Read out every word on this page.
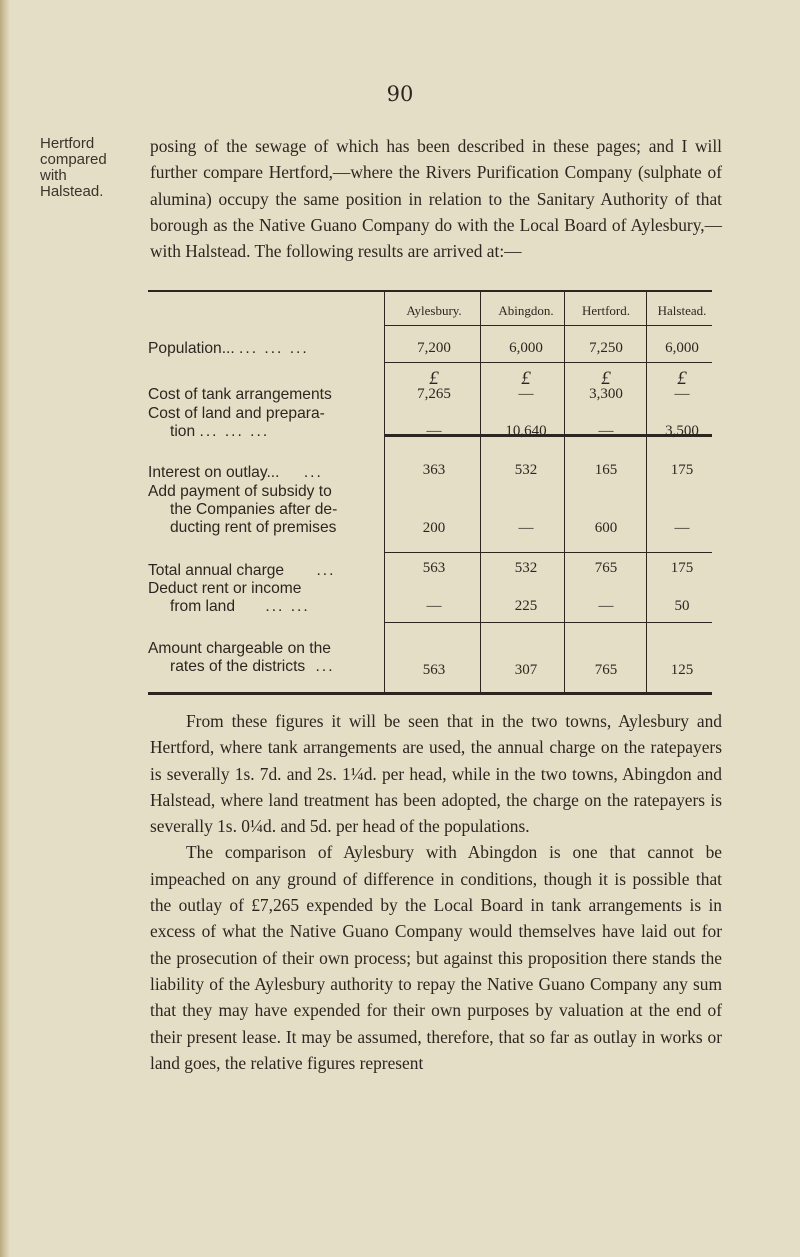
90
Hertford
compared
with
Halstead.

posing of the sewage of which has been described in these pages; and I will further compare Hertford,—where the Rivers Purification Company (sulphate of alumina) occupy the same position in relation to the Sanitary Authority of that borough as the Native Guano Company do with the Local Board of Aylesbury,—with Halstead. The following results are arrived at:—

Aylesbury.	Abingdon.	Hertford.	Halstead.
Population... ... ... ...	7,200	6,000	7,250	6,000
£	£	£	£
Cost of tank arrangements	7,265	—	3,300	—
Cost of land and prepara-
tion ... ... ...	—	10,640	—	3,500
Interest on outlay... ...	363	532	165	175
Add payment of subsidy to
the Companies after de-
ducting rent of premises	200	—	600	—
Total annual charge ...	563	532	765	175
Deduct rent or income
from land ... ...	—	225	—	50
Amount chargeable on the
rates of the districts ...	563	307	765	125

From these figures it will be seen that in the two towns, Aylesbury and Hertford, where tank arrangements are used, the annual charge on the ratepayers is severally 1s. 7d. and 2s. 1¼d. per head, while in the two towns, Abingdon and Halstead, where land treatment has been adopted, the charge on the ratepayers is severally 1s. 0¼d. and 5d. per head of the populations.

The comparison of Aylesbury with Abingdon is one that cannot be impeached on any ground of difference in conditions, though it is possible that the outlay of £7,265 expended by the Local Board in tank arrangements is in excess of what the Native Guano Company would themselves have laid out for the prosecution of their own process; but against this proposition there stands the liability of the Aylesbury authority to repay the Native Guano Company any sum that they may have expended for their own purposes by valuation at the end of their present lease. It may be assumed, therefore, that so far as outlay in works or land goes, the relative figures represent
